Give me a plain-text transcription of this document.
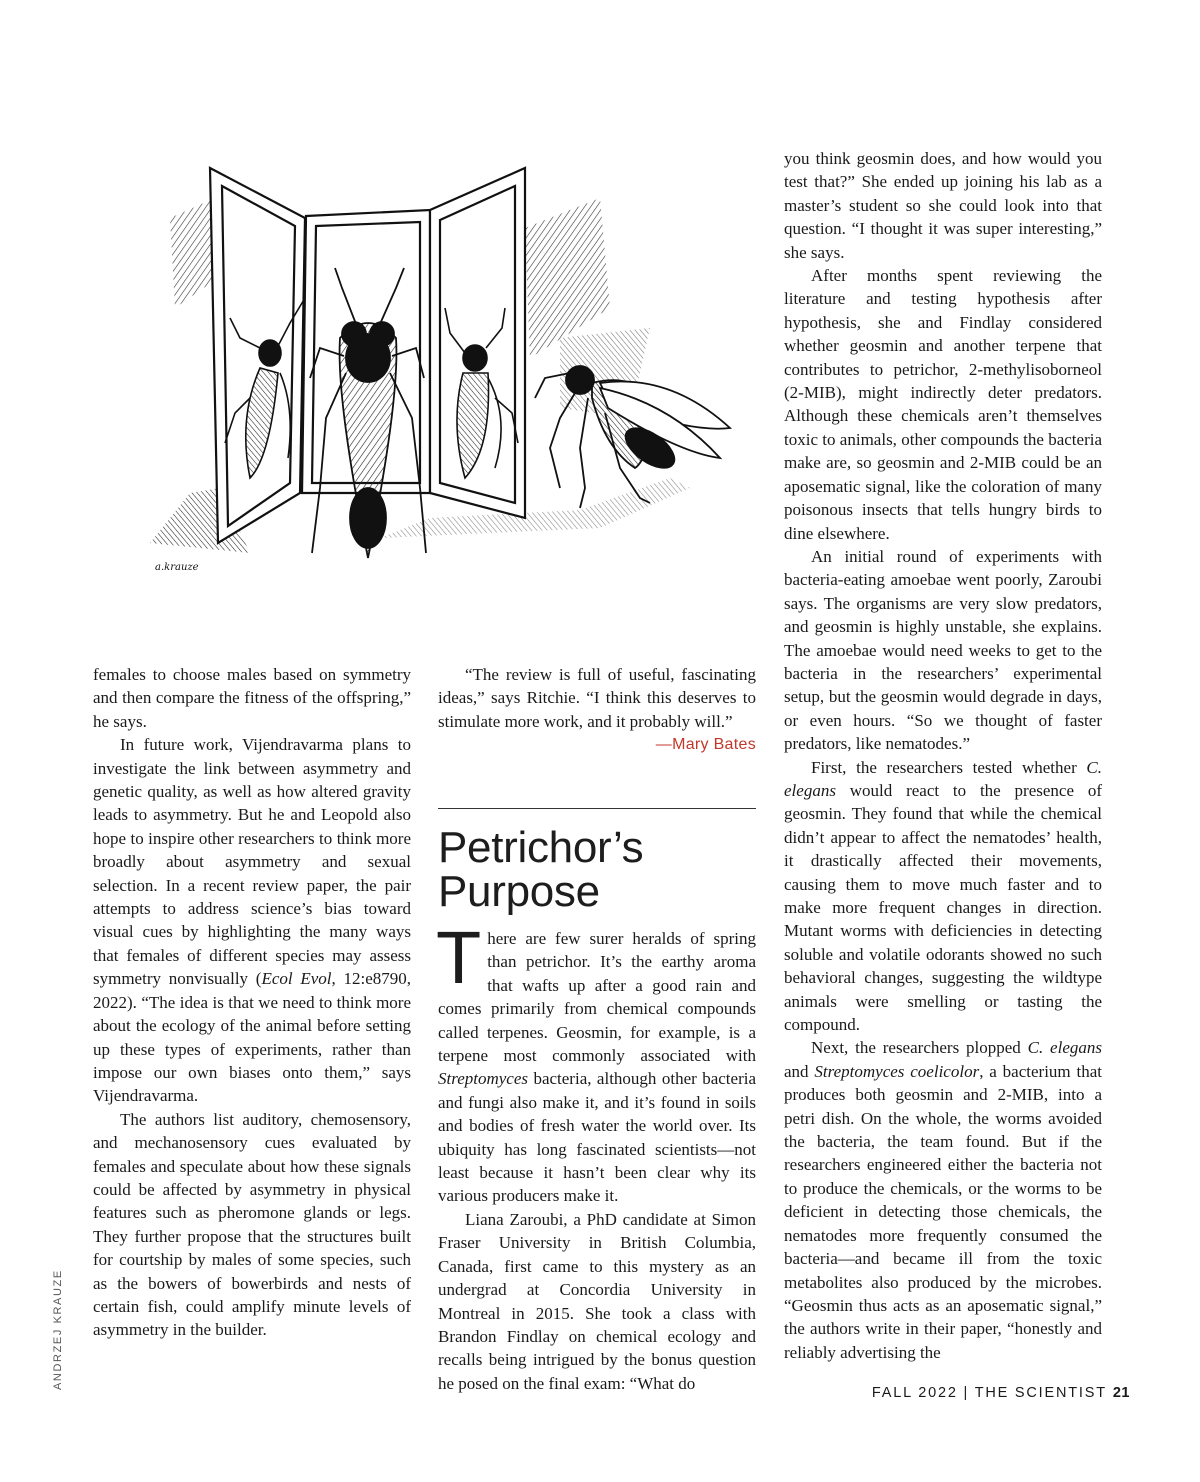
a.krauze
ANDRZEJ KRAUZE

females to choose males based on symmetry and then compare the fitness of the offspring,” he says.

In future work, Vijendravarma plans to investigate the link between asymmetry and genetic quality, as well as how altered gravity leads to asymmetry. But he and Leopold also hope to inspire other researchers to think more broadly about asymmetry and sexual selection. In a recent review paper, the pair attempts to address science’s bias toward visual cues by highlighting the many ways that females of different species may assess symmetry nonvisually (Ecol Evol, 12:e8790, 2022). “The idea is that we need to think more about the ecology of the animal before setting up these types of experiments, rather than impose our own biases onto them,” says Vijendravarma.

The authors list auditory, chemosensory, and mechanosensory cues evaluated by females and speculate about how these signals could be affected by asymmetry in physical features such as pheromone glands or legs. They further propose that the structures built for courtship by males of some species, such as the bowers of bowerbirds and nests of certain fish, could amplify minute levels of asymmetry in the builder.

“The review is full of useful, fascinating ideas,” says Ritchie. “I think this deserves to stimulate more work, and it probably will.”

—Mary Bates

Petrichor’s
Purpose

There are few surer heralds of spring than petrichor. It’s the earthy aroma that wafts up after a good rain and comes primarily from chemical compounds called terpenes. Geosmin, for example, is a terpene most commonly associated with Streptomyces bacteria, although other bacteria and fungi also make it, and it’s found in soils and bodies of fresh water the world over. Its ubiquity has long fascinated scientists—not least because it hasn’t been clear why its various producers make it.

Liana Zaroubi, a PhD candidate at Simon Fraser University in British Columbia, Canada, first came to this mystery as an undergrad at Concordia University in Montreal in 2015. She took a class with Brandon Findlay on chemical ecology and recalls being intrigued by the bonus question he posed on the final exam: “What do

you think geosmin does, and how would you test that?” She ended up joining his lab as a master’s student so she could look into that question. “I thought it was super interesting,” she says.

After months spent reviewing the literature and testing hypothesis after hypothesis, she and Findlay considered whether geosmin and another terpene that contributes to petrichor, 2-methylisoborneol (2-MIB), might indirectly deter predators. Although these chemicals aren’t themselves toxic to animals, other compounds the bacteria make are, so geosmin and 2-MIB could be an aposematic signal, like the coloration of many poisonous insects that tells hungry birds to dine elsewhere.

An initial round of experiments with bacteria-eating amoebae went poorly, Zaroubi says. The organisms are very slow predators, and geosmin is highly unstable, she explains. The amoebae would need weeks to get to the bacteria in the researchers’ experimental setup, but the geosmin would degrade in days, or even hours. “So we thought of faster predators, like nematodes.”

First, the researchers tested whether C. elegans would react to the presence of geosmin. They found that while the chemical didn’t appear to affect the nematodes’ health, it drastically affected their movements, causing them to move much faster and to make more frequent changes in direction. Mutant worms with deficiencies in detecting soluble and volatile odorants showed no such behavioral changes, suggesting the wildtype animals were smelling or tasting the compound.

Next, the researchers plopped C. elegans and Streptomyces coelicolor, a bacterium that produces both geosmin and 2-MIB, into a petri dish. On the whole, the worms avoided the bacteria, the team found. But if the researchers engineered either the bacteria not to produce the chemicals, or the worms to be deficient in detecting those chemicals, the nematodes more frequently consumed the bacteria—and became ill from the toxic metabolites also produced by the microbes. “Geosmin thus acts as an aposematic signal,” the authors write in their paper, “honestly and reliably advertising the

FALL 2022 | THE SCIENTIST 21
